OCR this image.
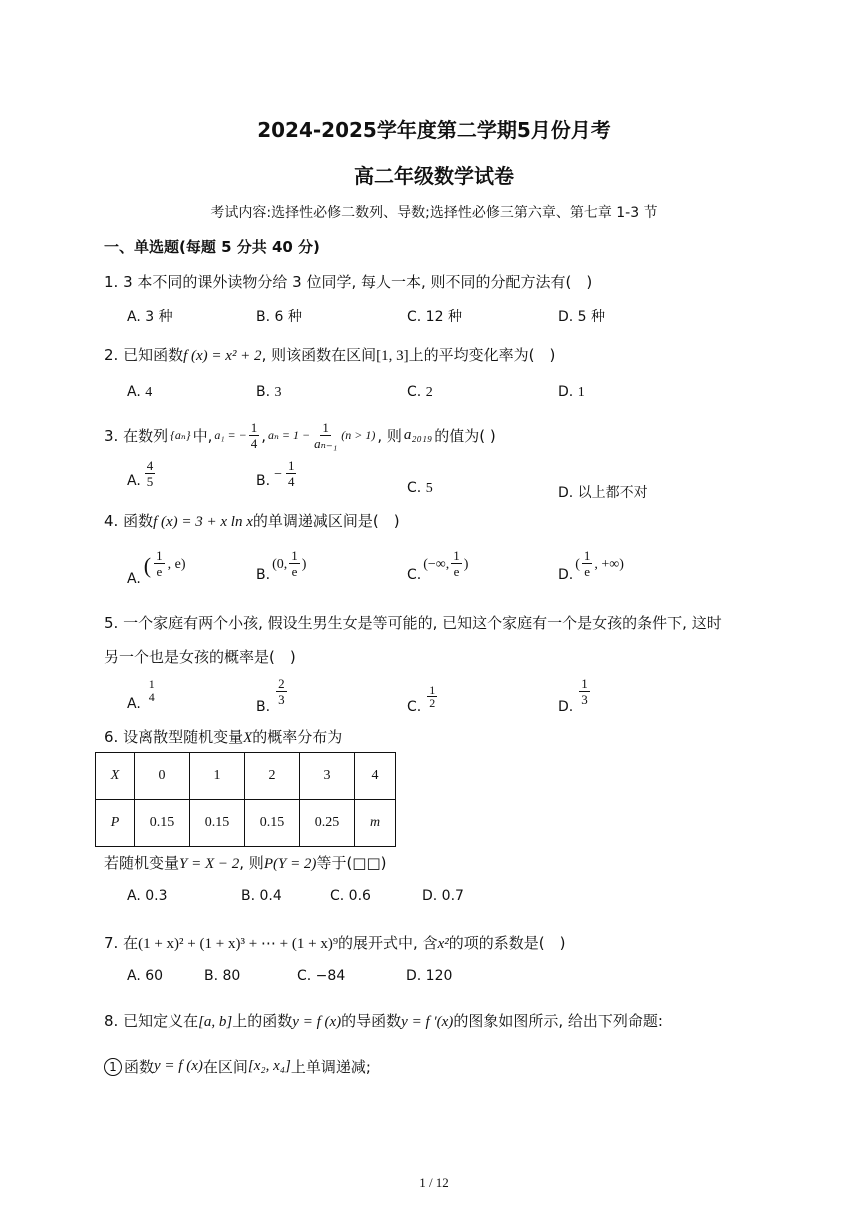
2024-2025学年度第二学期5月份月考
高二年级数学试卷
考试内容:选择性必修二数列、导数;选择性必修三第六章、第七章 1-3 节
一、单选题(每题 5 分共 40 分)
1. 3 本不同的课外读物分给 3 位同学, 每人一本, 则不同的分配方法有(　)
A. 3 种	B. 6 种	C. 12 种	D. 5 种
2. 已知函数f (x) = x² + 2, 则该函数在区间[1, 3]上的平均变化率为(　)
A. 4	B. 3	C. 2	D. 1
3. 在数列 {aₙ} 中, a₁ = − $\frac{1}{4}$ , $a_n = 1 - \frac{1}{\text{aₙ₋₁}} (n > 1)$ , 则 a₂₀₁₉ 的值为( )
A. $\frac{4}{5}$	B. − $\frac{1}{4}$	C. 5	D. 以上都不对
4. 函数f (x) = 3 + x ln x的单调递减区间是(　)
A.
( $\frac{1}{e}$ , e)
B.
(0, $\frac{1}{e}$ )
C.
(−∞, $\frac{1}{e}$ )
D.
( $\frac{1}{e}$ , +∞)
5. 一个家庭有两个小孩, 假设生男生女是等可能的, 已知这个家庭有一个是女孩的条件下, 这时
另一个也是女孩的概率是(　)
A.
1
4
B. $\frac{2}{3}$	C. $\frac{1}{2}$	D. $\frac{1}{3}$
6. 设离散型随机变量X的概率分布为
X	0	1	2	3	4
P	0.15	0.15	0.15	0.25	m
若随机变量Y = X − 2, 则P(Y = 2)等于(□□)
A. 0.3	B. 0.4	C. 0.6	D. 0.7
7. 在(1 + x)² + (1 + x)³ + ⋯ + (1 + x)⁹的展开式中, 含x²的项的系数是(　)
A. 60	B. 80	C. −84	D. 120
8. 已知定义在[a, b]上的函数y = f (x)的导函数y = f ′(x)的图象如图所示, 给出下列命题:
1 函数 y = f (x) 在区间 [x₂, x₄] 上单调递减;
1 / 12
